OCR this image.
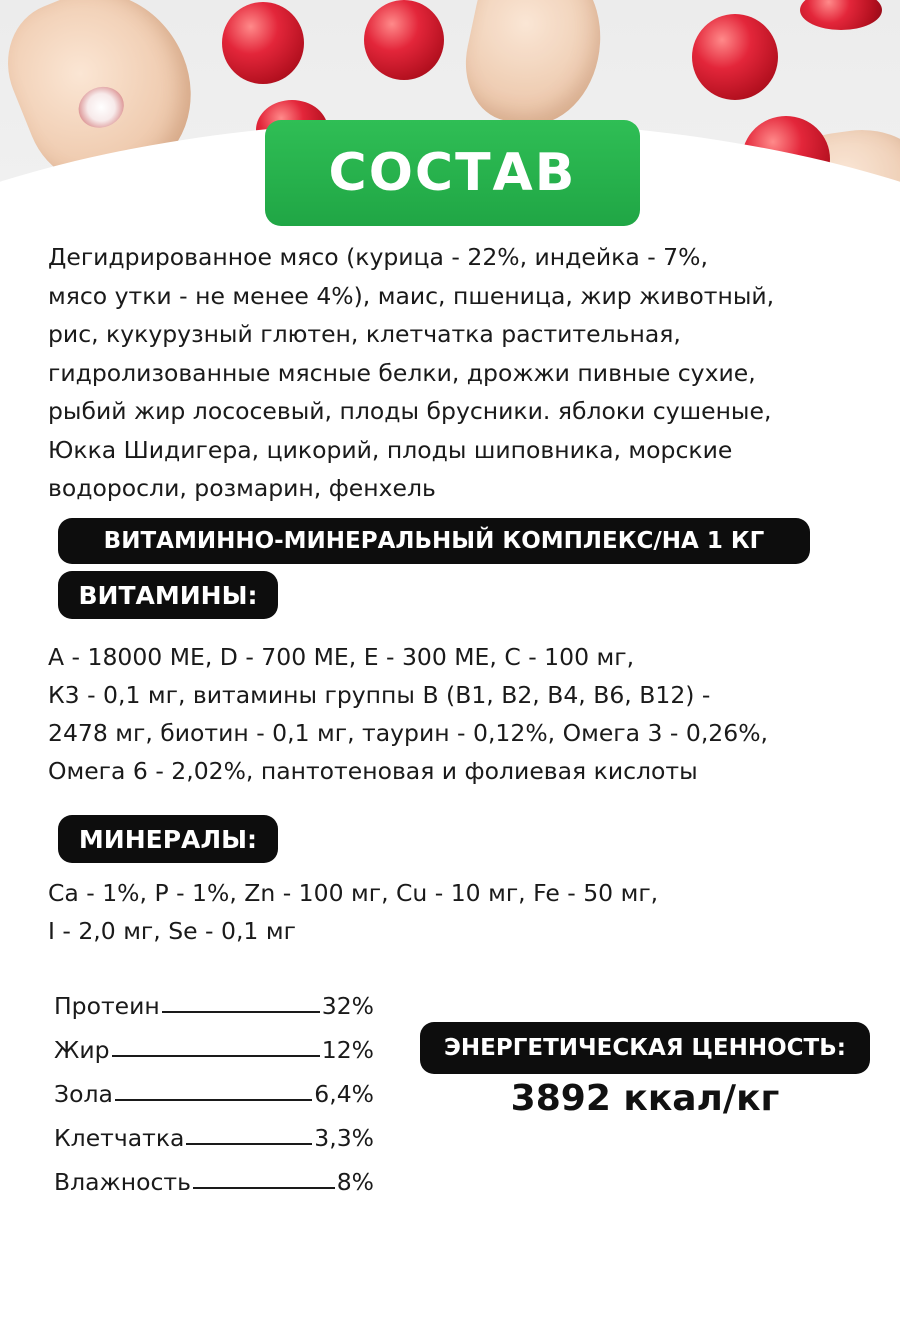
СОСТАВ
Дегидрированное мясо (курица - 22%, индейка - 7%,
мясо утки - не менее 4%), маис, пшеница, жир животный,
рис, кукурузный глютен, клетчатка растительная,
гидролизованные мясные белки, дрожжи пивные сухие,
рыбий жир лососевый, плоды брусники. яблоки сушеные,
Юкка Шидигера, цикорий, плоды шиповника, морские
водоросли, розмарин, фенхель
ВИТАМИННО-МИНЕРАЛЬНЫЙ КОМПЛЕКС/НА 1 КГ
ВИТАМИНЫ:
А - 18000 МЕ, D - 700 МЕ, Е - 300 МЕ, С - 100 мг,
К3 - 0,1 мг, витамины группы В (В1, В2, В4, В6, В12) -
2478 мг, биотин - 0,1 мг, таурин - 0,12%, Омега 3 - 0,26%,
Омега 6 - 2,02%, пантотеновая и фолиевая кислоты
МИНЕРАЛЫ:
Са - 1%, Р - 1%, Zn - 100 мг, Cu - 10 мг, Fe - 50 мг,
I - 2,0 мг, Se - 0,1 мг
Протеин	32%
Жир	12%
Зола	6,4%
Клетчатка	3,3%
Влажность	8%
ЭНЕРГЕТИЧЕСКАЯ ЦЕННОСТЬ:
3892 ккал/кг
